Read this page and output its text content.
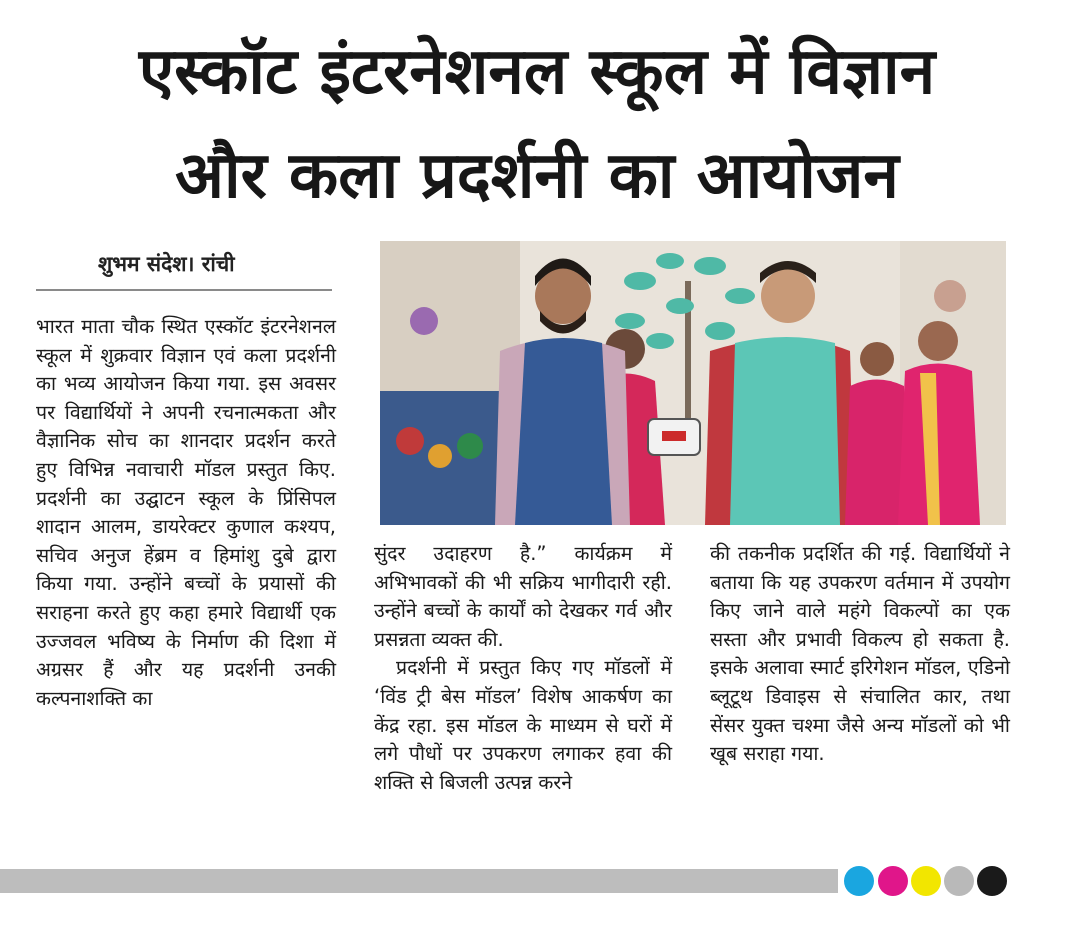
एस्कॉट इंटरनेशनल स्कूल में विज्ञान
और कला प्रदर्शनी का आयोजन
शुभम संदेश। रांची

भारत माता चौक स्थित एस्कॉट इंटरनेशनल स्कूल में शुक्रवार विज्ञान एवं कला प्रदर्शनी का भव्य आयोजन किया गया. इस अवसर पर विद्यार्थियों ने अपनी रचनात्मकता और वैज्ञानिक सोच का शानदार प्रदर्शन करते हुए विभिन्न नवाचारी मॉडल प्रस्तुत किए. प्रदर्शनी का उद्घाटन स्कूल के प्रिंसिपल शादान आलम, डायरेक्टर कुणाल कश्यप, सचिव अनुज हेंब्रम व हिमांशु दुबे द्वारा किया गया. उन्होंने बच्चों के प्रयासों की सराहना करते हुए कहा हमारे विद्यार्थी एक उज्जवल भविष्य के निर्माण की दिशा में अग्रसर हैं और यह प्रदर्शनी उनकी कल्पनाशक्ति का

सुंदर उदाहरण है.” कार्यक्रम में अभिभावकों की भी सक्रिय भागीदारी रही. उन्होंने बच्चों के कार्यों को देखकर गर्व और प्रसन्नता व्यक्त की.

प्रदर्शनी में प्रस्तुत किए गए मॉडलों में ‘विंड ट्री बेस मॉडल’ विशेष आकर्षण का केंद्र रहा. इस मॉडल के माध्यम से घरों में लगे पौधों पर उपकरण लगाकर हवा की शक्ति से बिजली उत्पन्न करने

की तकनीक प्रदर्शित की गई. विद्यार्थियों ने बताया कि यह उपकरण वर्तमान में उपयोग किए जाने वाले महंगे विकल्पों का एक सस्ता और प्रभावी विकल्प हो सकता है. इसके अलावा स्मार्ट इरिगेशन मॉडल, एडिनो ब्लूटूथ डिवाइस से संचालित कार, तथा सेंसर युक्त चश्मा जैसे अन्य मॉडलों को भी खूब सराहा गया.
